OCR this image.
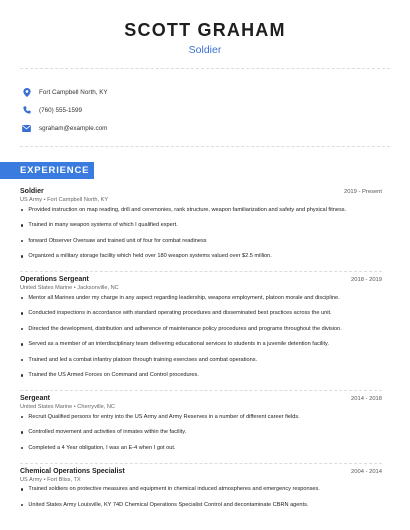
SCOTT GRAHAM
Soldier
Fort Campbell North, KY
(760) 555-1599
sgraham@example.com
EXPERIENCE
Soldier	2019 - Present
US Army • Fort Campbell North, KY
Provided instruction on map reading, drill and ceremonies, rank structure, weapon familiarization and safety and physical fitness.
Trained in many weapon systems of which I qualified expert.
forward Observer Oversaw and trained unit of four for combat readiness
Organized a military storage facility which held over 180 weapon systems valued over $2.5 million.
Operations Sergeant	2018 - 2019
United States Marine • Jacksonville, NC
Mentor all Marines under my charge in any aspect regarding leadership, weapons employment, platoon morale and discipline.
Conducted inspections in accordance with standard operating procedures and disseminated best practices across the unit.
Directed the development, distribution and adherence of maintenance policy procedures and programs throughout the division.
Served as a member of an interdisciplinary team delivering educational services to students in a juvenile detention facility.
Trained and led a combat infantry platoon through training exercises and combat operations.
Trained the US Armed Forces on Command and Control procedures.
Sergeant	2014 - 2018
United States Marine • Cherryville, NC
Recruit Qualified persons for entry into the US Army and Army Reserves in a number of different career fields.
Controlled movement and activities of inmates within the facility.
Completed a 4 Year obligation, I was an E-4 when I got out.
Chemical Operations Specialist	2004 - 2014
US Army • Fort Bliss, TX
Trained soldiers on protective measures and equipment in chemical induced atmospheres and emergency responses.
United States Army Louisville, KY 74D Chemical Operations Specialist Control and decontaminate CBRN agents.
